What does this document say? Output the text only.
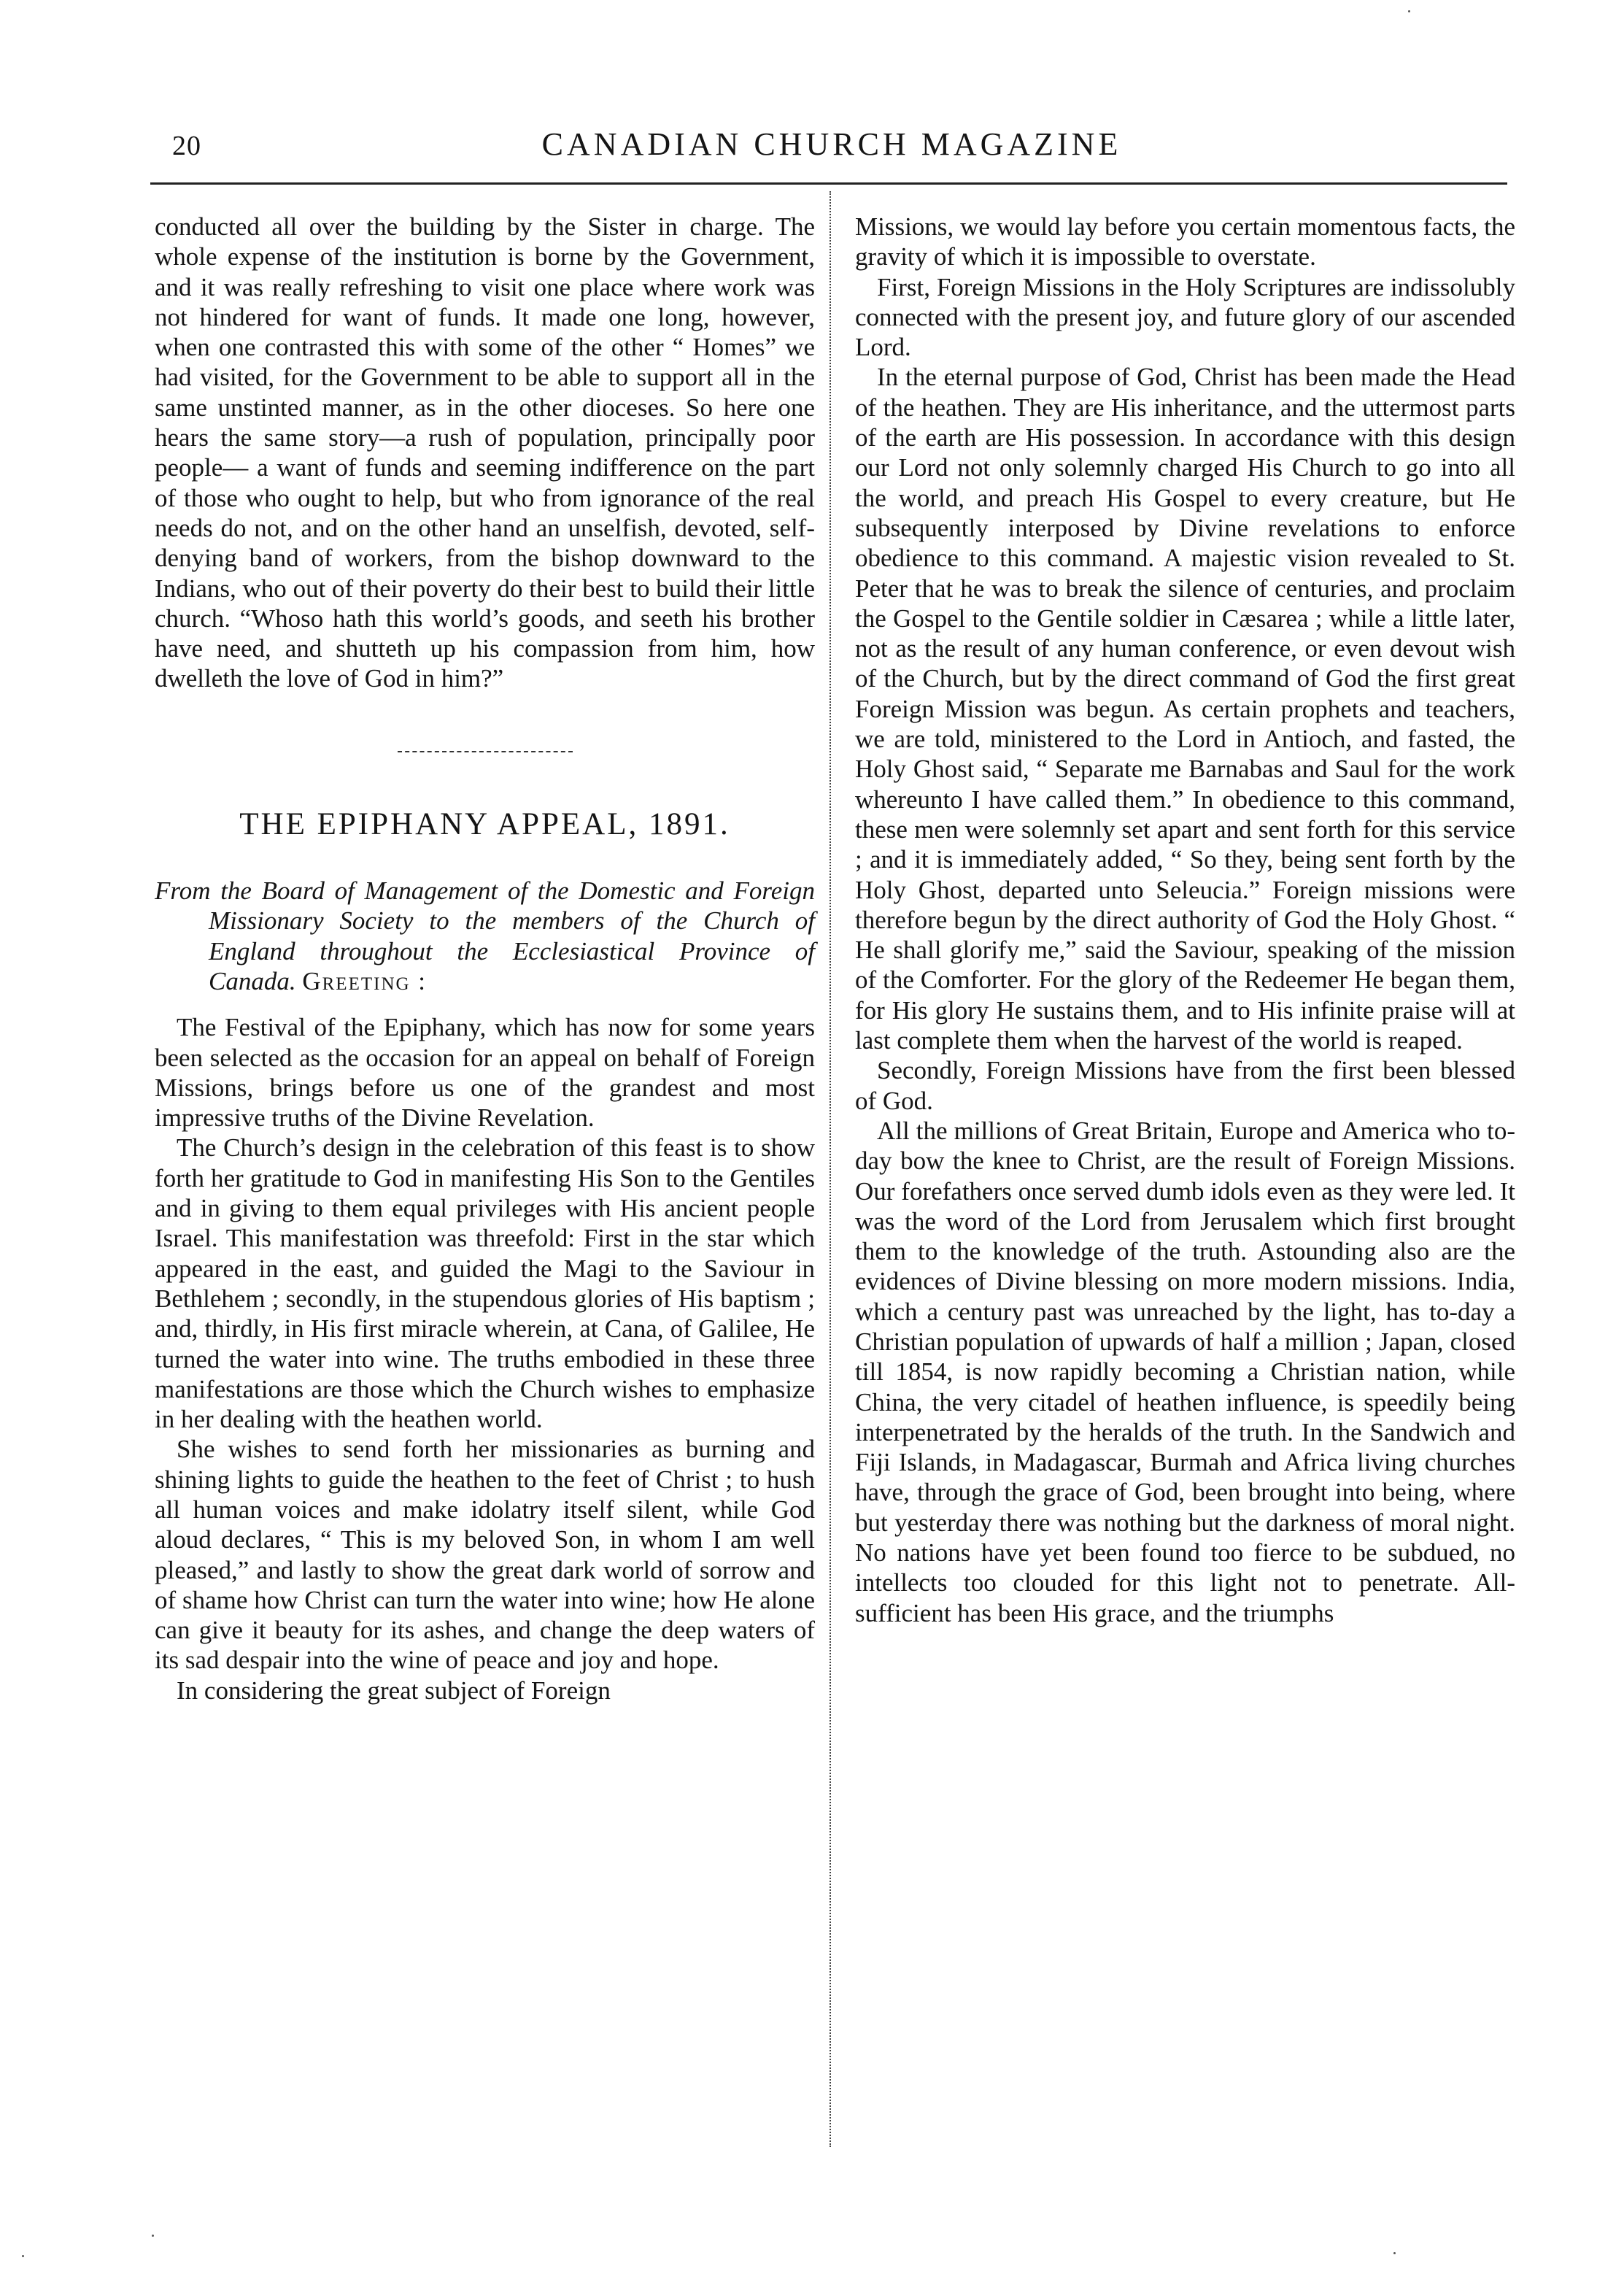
20	CANADIAN CHURCH MAGAZINE

conducted all over the building by the Sister in charge. The whole expense of the institution is borne by the Government, and it was really refreshing to visit one place where work was not hindered for want of funds. It made one long, however, when one contrasted this with some of the other “ Homes” we had visited, for the Government to be able to support all in the same unstinted manner, as in the other dioceses. So here one hears the same story—a rush of population, principally poor people— a want of funds and seeming indifference on the part of those who ought to help, but who from ignorance of the real needs do not, and on the other hand an unselfish, devoted, self-denying band of workers, from the bishop downward to the Indians, who out of their poverty do their best to build their little church. “Whoso hath this world’s goods, and seeth his brother have need, and shutteth up his compassion from him, how dwelleth the love of God in him?”

THE EPIPHANY APPEAL, 1891.
From the Board of Management of the Domestic and Foreign Missionary Society to the members of the Church of England throughout the Ecclesiastical Province of Canada. Greeting :

The Festival of the Epiphany, which has now for some years been selected as the occasion for an appeal on behalf of Foreign Missions, brings before us one of the grandest and most impressive truths of the Divine Revelation.

The Church’s design in the celebration of this feast is to show forth her gratitude to God in manifesting His Son to the Gentiles and in giving to them equal privileges with His ancient people Israel. This manifestation was threefold: First in the star which appeared in the east, and guided the Magi to the Saviour in Bethlehem ; secondly, in the stupendous glories of His baptism ; and, thirdly, in His first miracle wherein, at Cana, of Galilee, He turned the water into wine. The truths embodied in these three manifestations are those which the Church wishes to emphasize in her dealing with the heathen world.

She wishes to send forth her missionaries as burning and shining lights to guide the heathen to the feet of Christ ; to hush all human voices and make idolatry itself silent, while God aloud declares, “ This is my beloved Son, in whom I am well pleased,” and lastly to show the great dark world of sorrow and of shame how Christ can turn the water into wine; how He alone can give it beauty for its ashes, and change the deep waters of its sad despair into the wine of peace and joy and hope.

In considering the great subject of Foreign

Missions, we would lay before you certain momentous facts, the gravity of which it is impossible to overstate.

First, Foreign Missions in the Holy Scriptures are indissolubly connected with the present joy, and future glory of our ascended Lord.

In the eternal purpose of God, Christ has been made the Head of the heathen. They are His inheritance, and the uttermost parts of the earth are His possession. In accordance with this design our Lord not only solemnly charged His Church to go into all the world, and preach His Gospel to every creature, but He subsequently interposed by Divine revelations to enforce obedience to this command. A majestic vision revealed to St. Peter that he was to break the silence of centuries, and proclaim the Gospel to the Gentile soldier in Cæsarea ; while a little later, not as the result of any human conference, or even devout wish of the Church, but by the direct command of God the first great Foreign Mission was begun. As certain prophets and teachers, we are told, ministered to the Lord in Antioch, and fasted, the Holy Ghost said, “ Separate me Barnabas and Saul for the work whereunto I have called them.” In obedience to this command, these men were solemnly set apart and sent forth for this service ; and it is immediately added, “ So they, being sent forth by the Holy Ghost, departed unto Seleucia.” Foreign missions were therefore begun by the direct authority of God the Holy Ghost. “ He shall glorify me,” said the Saviour, speaking of the mission of the Comforter. For the glory of the Redeemer He began them, for His glory He sustains them, and to His infinite praise will at last complete them when the harvest of the world is reaped.

Secondly, Foreign Missions have from the first been blessed of God.

All the millions of Great Britain, Europe and America who to-day bow the knee to Christ, are the result of Foreign Missions. Our forefathers once served dumb idols even as they were led. It was the word of the Lord from Jerusalem which first brought them to the knowledge of the truth. Astounding also are the evidences of Divine blessing on more modern missions. India, which a century past was unreached by the light, has to-day a Christian population of upwards of half a million ; Japan, closed till 1854, is now rapidly becoming a Christian nation, while China, the very citadel of heathen influence, is speedily being interpenetrated by the heralds of the truth. In the Sandwich and Fiji Islands, in Madagascar, Burmah and Africa living churches have, through the grace of God, been brought into being, where but yesterday there was nothing but the darkness of moral night. No nations have yet been found too fierce to be subdued, no intellects too clouded for this light not to penetrate. All-sufficient has been His grace, and the triumphs
